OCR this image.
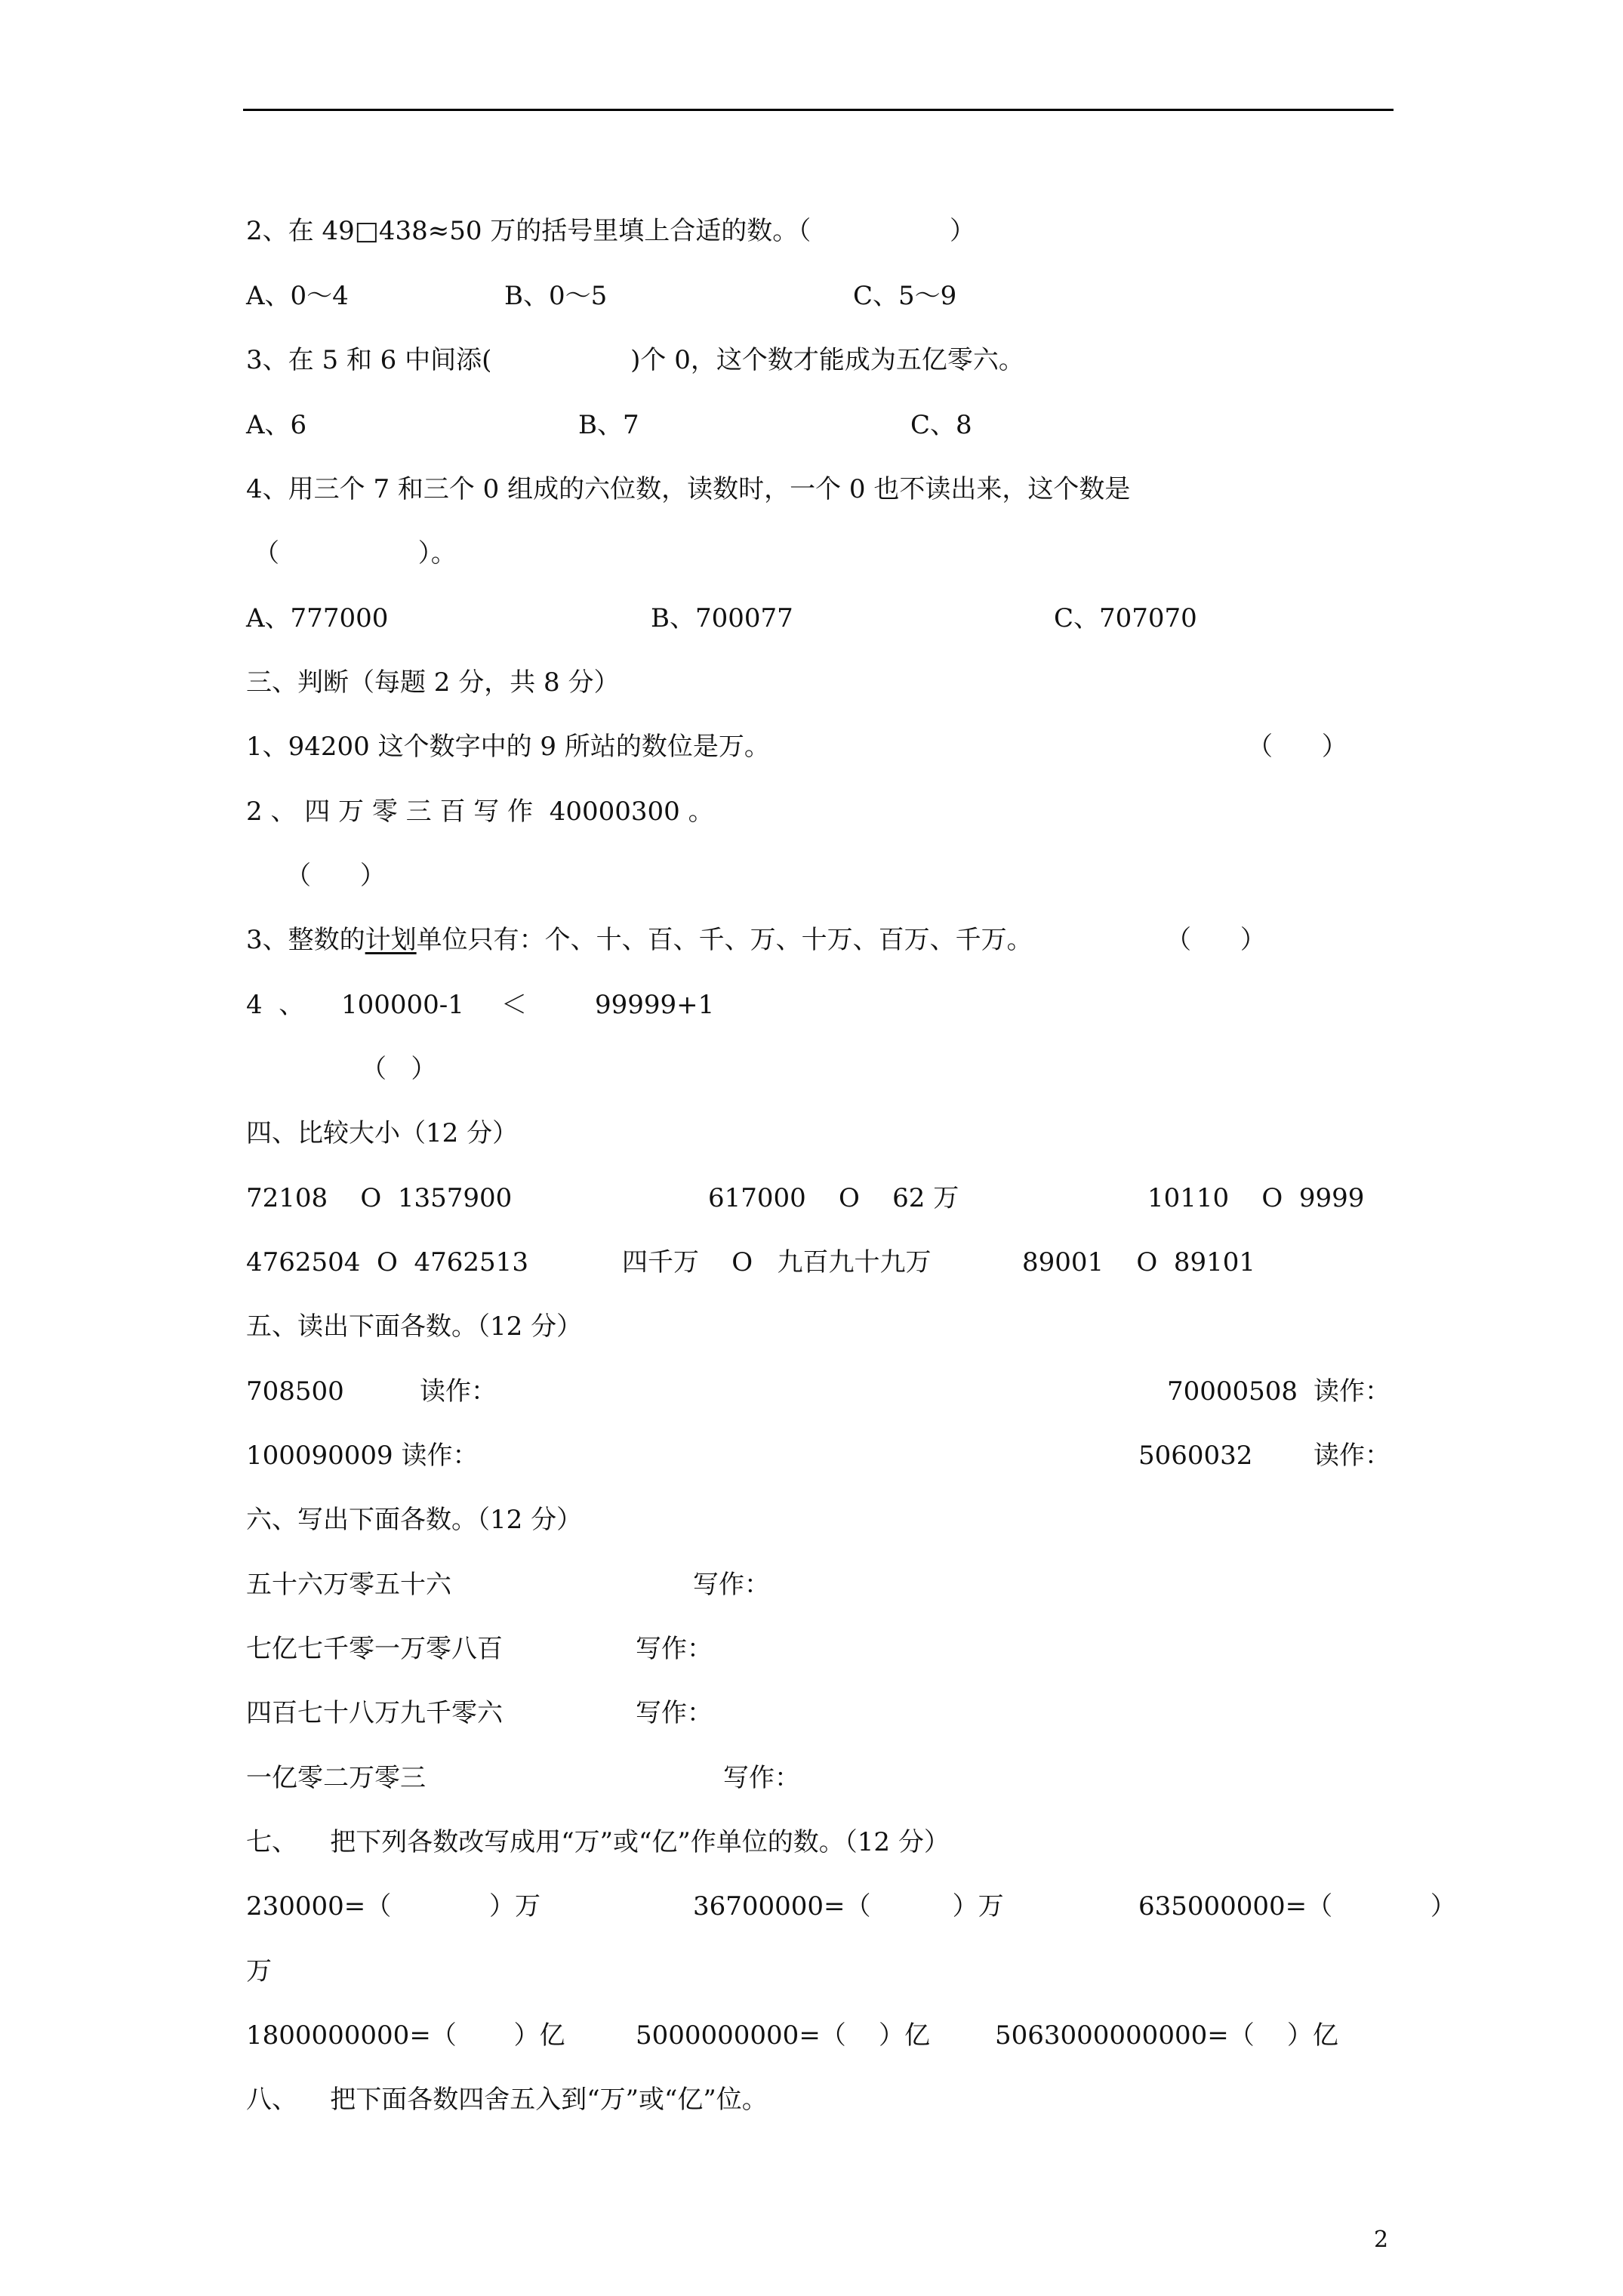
2、在 49□438≈50 万的括号里填上合适的数。（                 ）
A、0～4	B、0～5	C、5～9
3、在 5 和 6 中间添(                 )个 0，这个数才能成为五亿零六。
A、6	B、7	C、8
4、用三个 7 和三个 0 组成的六位数，读数时，一个 0 也不读出来，这个数是
（                 ）。
A、777000	B、700077	C、707070
三、判断（每题 2 分，共 8 分）
1、94200 这个数字中的 9 所站的数位是万。	（      ）
2 、 四 万 零 三 百 写 作  40000300 。
（      ）
3、整数的计划单位只有：个、十、百、千、万、十万、百万、千万。	（      ）
4  、 100000-1 ＜	99999+1
（   ）
四、比较大小（12 分）
72108    O  1357900	617000    O    62 万	10110    O  9999
4762504  O  4762513	四千万    O   九百九十九万	89001    O  89101
五、读出下面各数。（12 分）
708500	读作：	70000508 读作：
100090009 读作：	5060032 读作：
六、写出下面各数。（12 分）
五十六万零五十六	写作：
七亿七千零一万零八百	写作：
四百七十八万九千零六	写作：
一亿零二万零三	写作：
七、    把下列各数改写成用“万”或“亿”作单位的数。（12 分）
230000=（            ）万	36700000=（          ）万	635000000=（            ）
万
1800000000=（       ）亿	5000000000=（    ）亿	5063000000000=（    ）亿
八、    把下面各数四舍五入到“万”或“亿”位。
2
